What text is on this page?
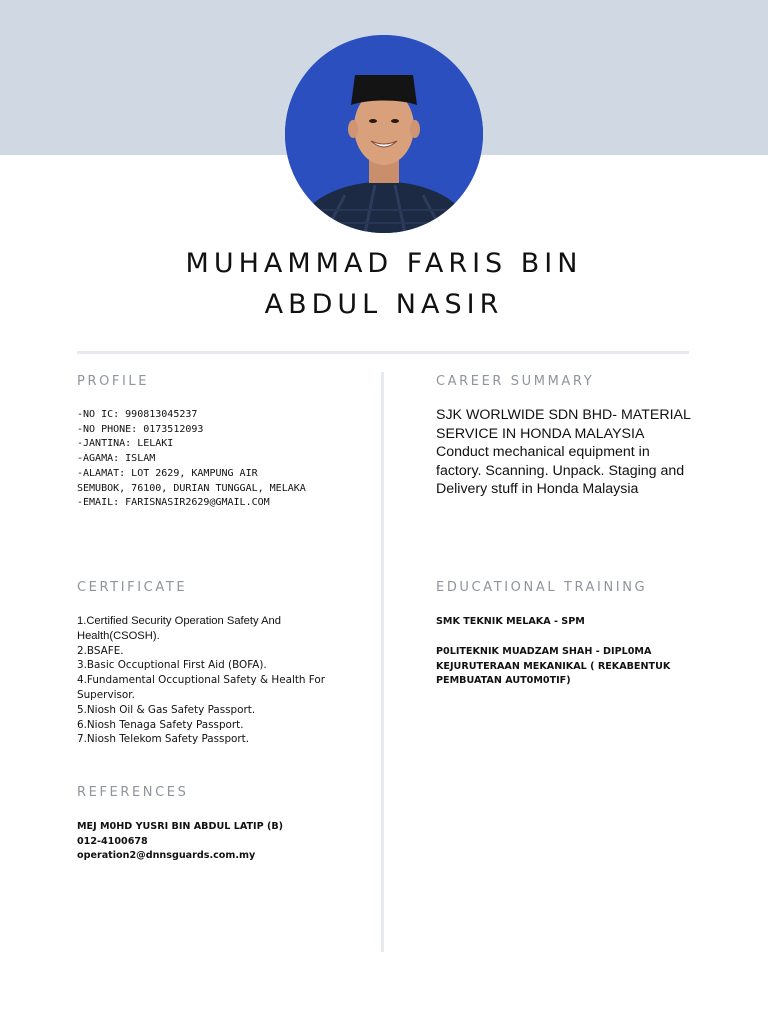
MUHAMMAD FARIS BIN
ABDUL NASIR
PROFILE
-NO IC: 990813045237
-NO PHONE: 0173512093
-JANTINA: LELAKI
-AGAMA: ISLAM
-ALAMAT: LOT 2629, KAMPUNG AIR SEMUBOK, 76100, DURIAN TUNGGAL, MELAKA
-EMAIL: FARISNASIR2629@GMAIL.COM
CAREER SUMMARY
SJK WORLWIDE SDN BHD- MATERIAL SERVICE IN HONDA MALAYSIA
Conduct mechanical equipment in factory. Scanning. Unpack. Staging and Delivery stuff in Honda Malaysia
CERTIFICATE
1.Certified Security Operation Safety And Health(CSOSH).
2.BSAFE.
3.Basic Occuptional First Aid (BOFA).
4.Fundamental Occuptional Safety & Health For Supervisor.
5.Niosh Oil & Gas Safety Passport.
6.Niosh Tenaga Safety Passport.
7.Niosh Telekom Safety Passport.
EDUCATIONAL TRAINING
SMK TEKNIK MELAKA - SPM
P0LITEKNIK MUADZAM SHAH - DIPL0MA KEJURUTERAAN MEKANIKAL ( REKABENTUK PEMBUATAN AUT0M0TIF)
REFERENCES
MEJ M0HD YUSRI BIN ABDUL LATIP (B)
012-4100678
operation2@dnnsguards.com.my
